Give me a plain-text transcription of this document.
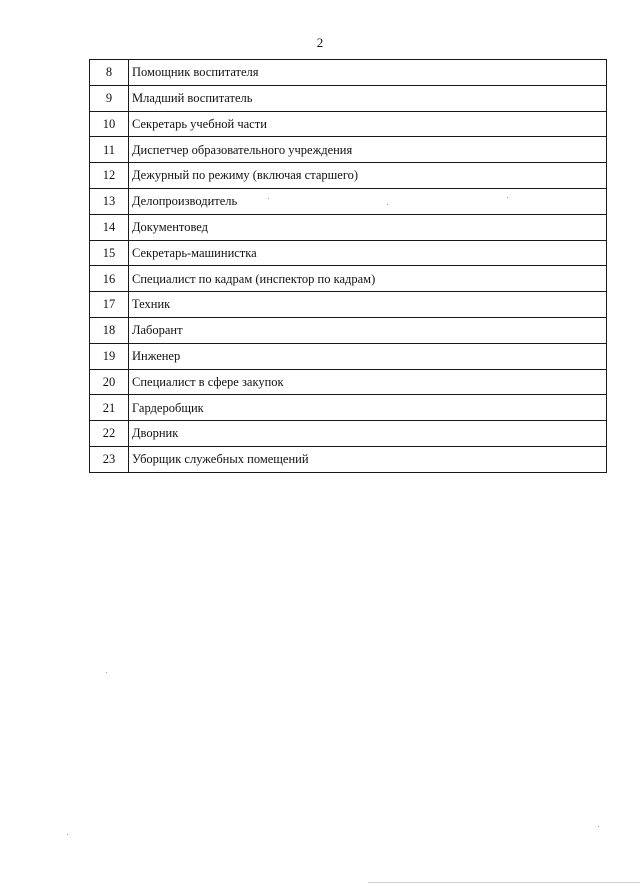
2
8	Помощник воспитателя
9	Младший воспитатель
10	Секретарь учебной части
11	Диспетчер образовательного учреждения
12	Дежурный по режиму (включая старшего)
13	Делопроизводитель
14	Документовед
15	Секретарь-машинистка
16	Специалист по кадрам (инспектор по кадрам)
17	Техник
18	Лаборант
19	Инженер
20	Специалист в сфере закупок
21	Гардеробщик
22	Дворник
23	Уборщик служебных помещений
